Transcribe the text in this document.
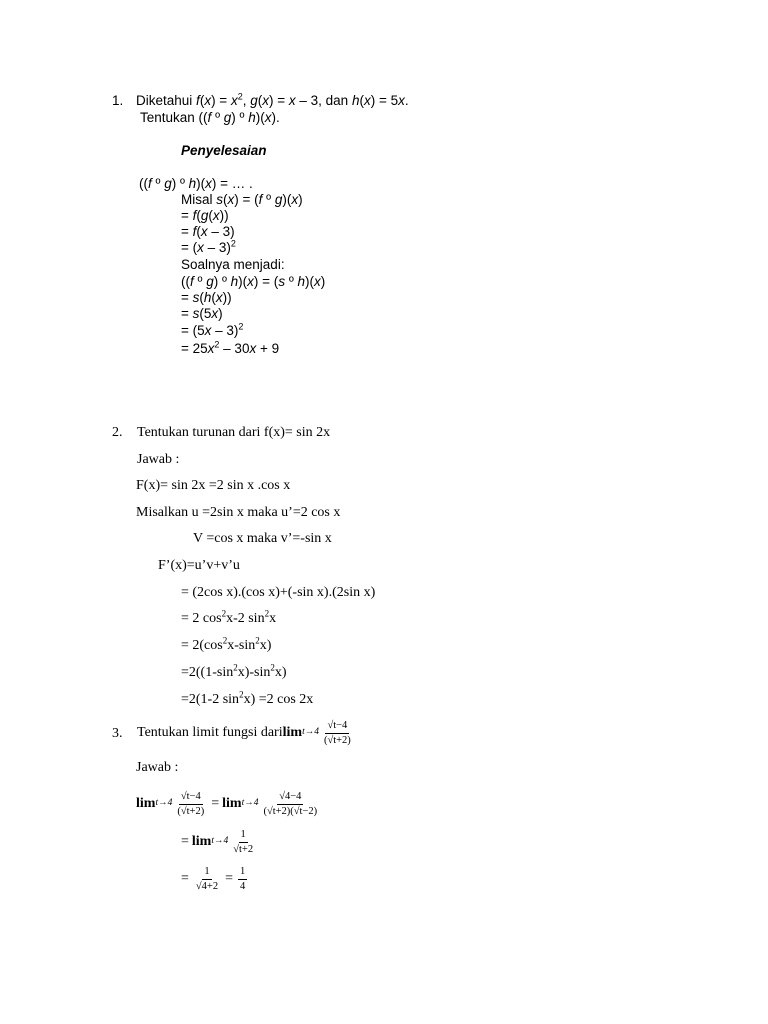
1. Diketahui $f(x) = x^2$, g(x) = x – 3, dan h(x) = 5x.
Tentukan ((f º g) º h)(x).
Penyelesaian
((f º g) º h)(x) = … .
Misal s(x) = (f º g)(x)
= f(g(x))
= f(x – 3)
= (x – 3)$^2$
Soalnya menjadi:
((f º g) º h)(x) = (s º h)(x)
= s(h(x))
= s(5x)
= (5x – 3)$^2$
= $25x^2 - 30x + 9$
2. Tentukan turunan dari f(x)= sin 2x
Jawab :
F(x)= sin 2x =2 sin x .cos x
Misalkan u =2sin x maka u’=2 cos x
V =cos x maka v’=-sin x
F’(x)=u’v+v’u
= (2cos x).(cos x)+(-sin x).(2sin x)
= 2 $\cos^2x-2$ $\sin^2x$
= $2(\cos^2x-\sin^2x)$
$=2((1-\sin^2x)-\sin^2x)$
=2(1-2 $\sin^2x) =2$ cos 2x
3. Tentukan limit fungsi dari $\lim t\to 4 \frac{√t-4}{(√t+2)}$
Jawab :
$\lim t\to 4 \frac{√t-4}{(√t+2)} = \lim t\to 4 \frac{√4-4}{(√t+2)(√t-2)}$
= $\lim t\to 4 \frac{1}{√t+2}$
= $\frac{1}{√4+2} = \frac{1}{4}$
